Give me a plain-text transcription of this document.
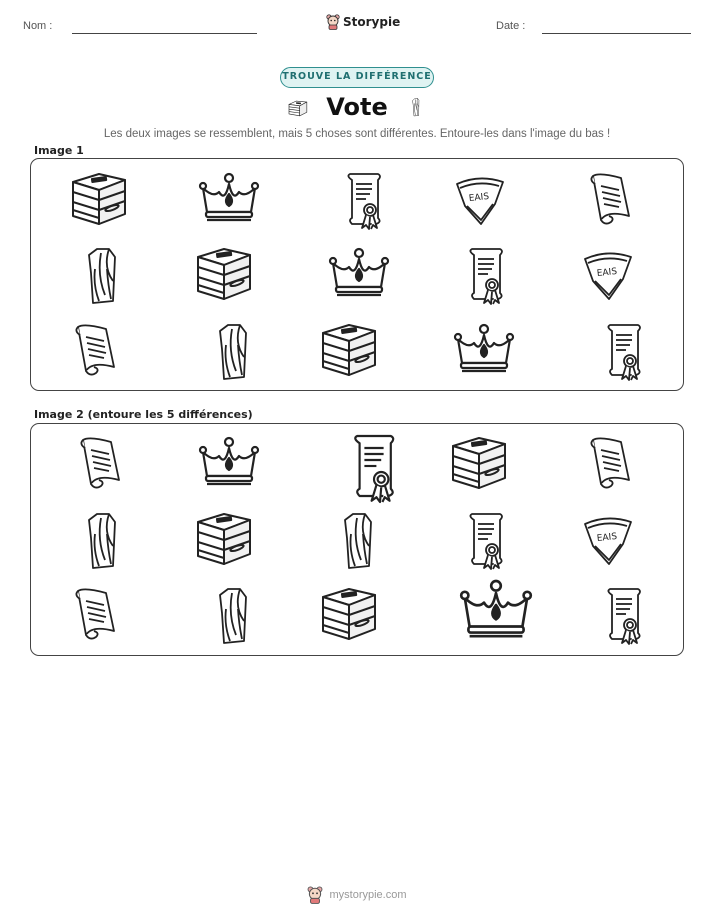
Nom :	Storypie	Date :
TROUVE LA DIFFÉRENCE
Vote
Les deux images se ressemblent, mais 5 choses sont différentes. Entoure-les dans l'image du bas !
Image 1
EAIS
EAIS
Image 2 (entoure les 5 différences)
EAIS
mystorypie.com
